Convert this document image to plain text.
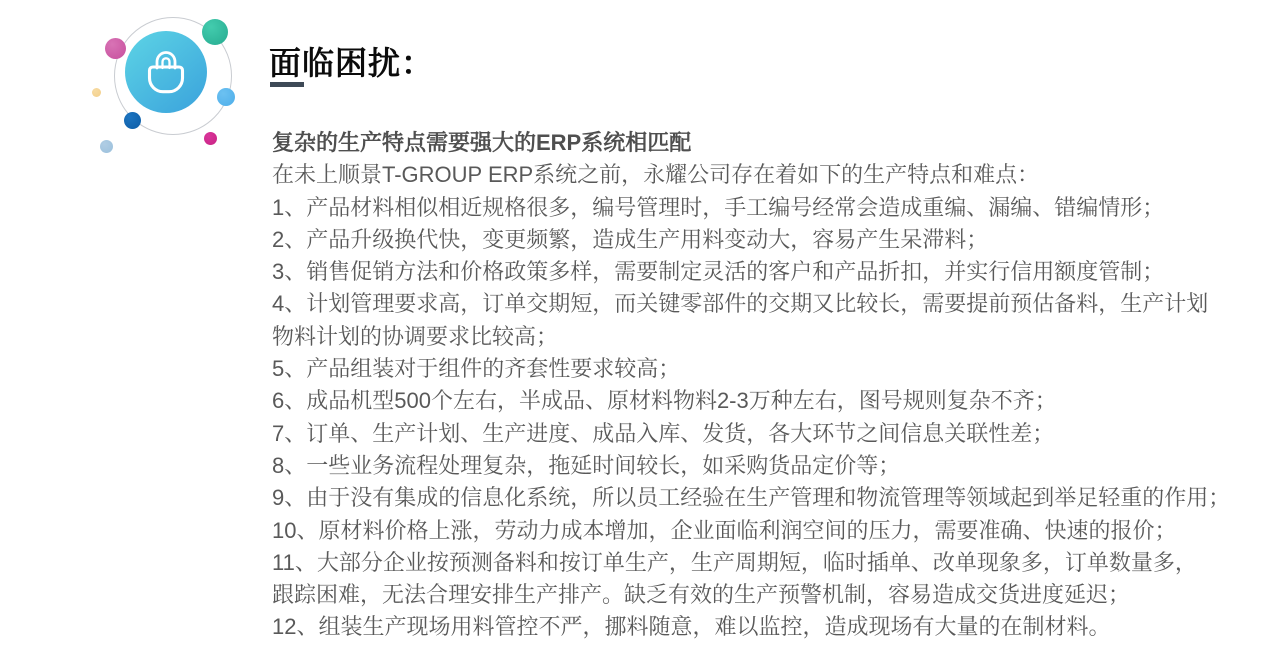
面临困扰：
复杂的生产特点需要强大的ERP系统相匹配
在未上顺景T-GROUP ERP系统之前，永耀公司存在着如下的生产特点和难点：
1、产品材料相似相近规格很多，编号管理时，手工编号经常会造成重编、漏编、错编情形；
2、产品升级换代快，变更频繁，造成生产用料变动大，容易产生呆滞料；
3、销售促销方法和价格政策多样，需要制定灵活的客户和产品折扣，并实行信用额度管制；
4、计划管理要求高，订单交期短，而关键零部件的交期又比较长，需要提前预估备料，生产计划
物料计划的协调要求比较高；
5、产品组装对于组件的齐套性要求较高；
6、成品机型500个左右，半成品、原材料物料2-3万种左右，图号规则复杂不齐；
7、订单、生产计划、生产进度、成品入库、发货，各大环节之间信息关联性差；
8、一些业务流程处理复杂，拖延时间较长，如采购货品定价等；
9、由于没有集成的信息化系统，所以员工经验在生产管理和物流管理等领域起到举足轻重的作用；
10、原材料价格上涨，劳动力成本增加，企业面临利润空间的压力，需要准确、快速的报价；
11、大部分企业按预测备料和按订单生产，生产周期短，临时插单、改单现象多，订单数量多，
跟踪困难，无法合理安排生产排产。缺乏有效的生产预警机制，容易造成交货进度延迟；
12、组装生产现场用料管控不严，挪料随意，难以监控，造成现场有大量的在制材料。
